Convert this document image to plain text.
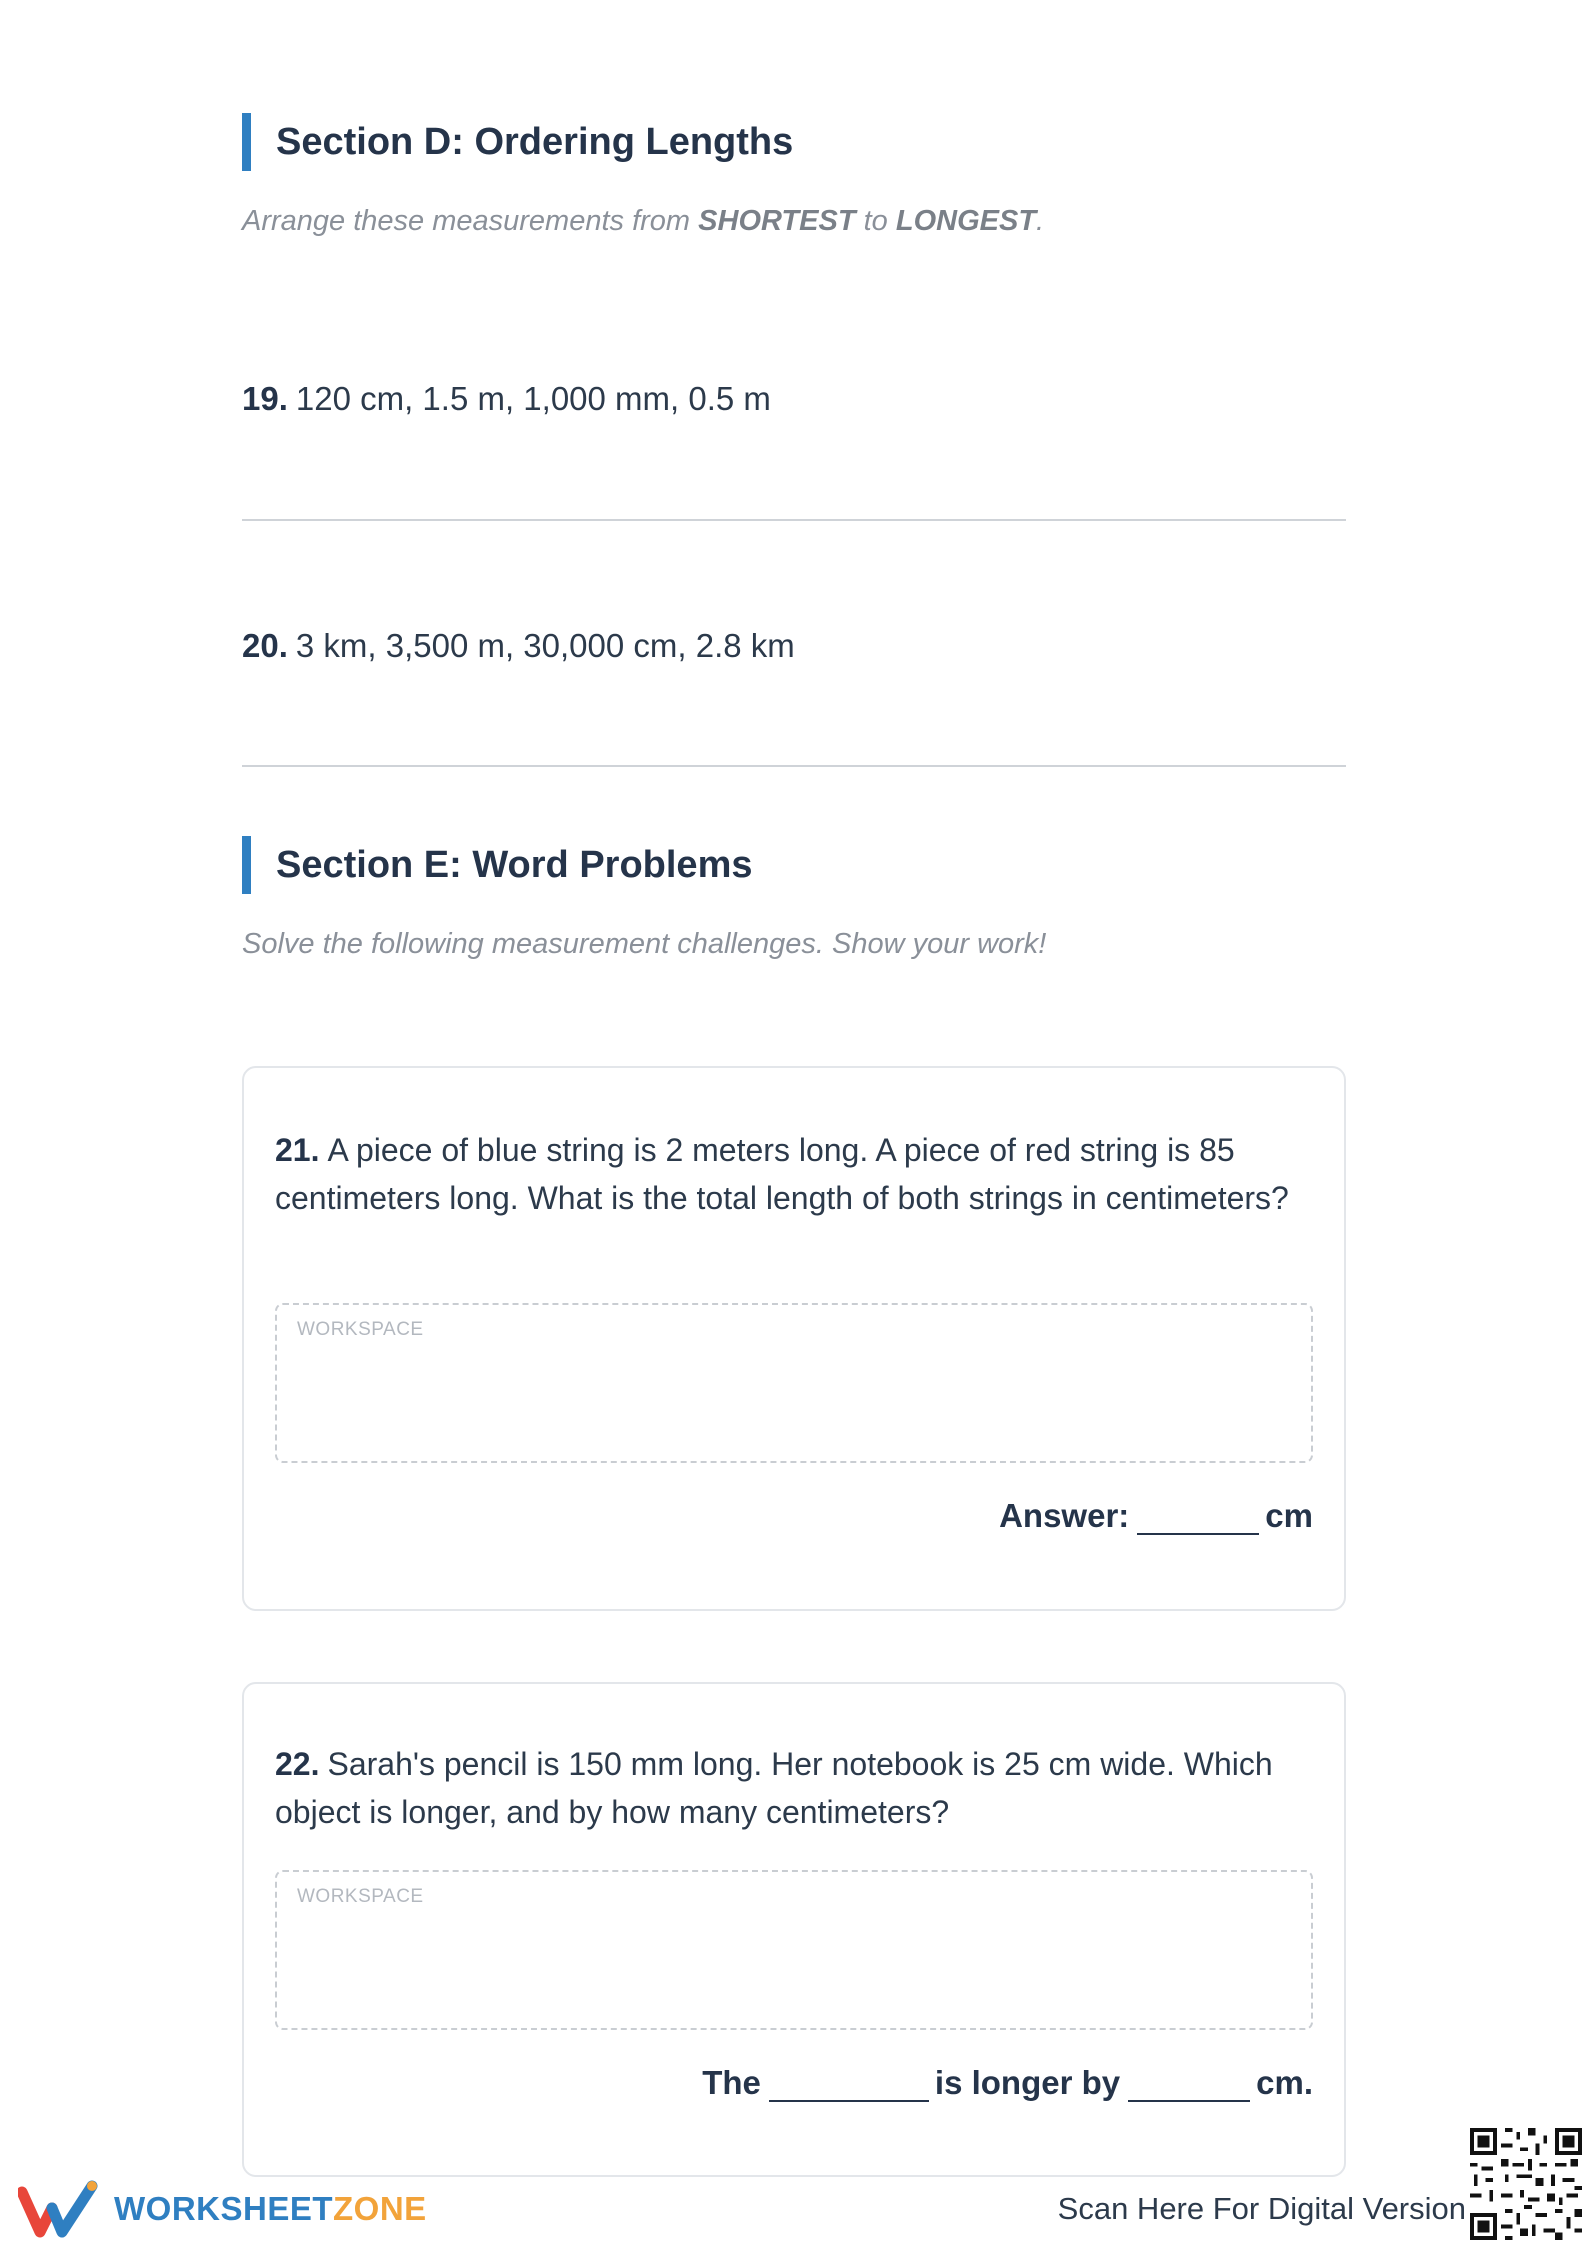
Section D: Ordering Lengths
Arrange these measurements from SHORTEST to LONGEST.
19. 120 cm, 1.5 m, 1,000 mm, 0.5 m
20. 3 km, 3,500 m, 30,000 cm, 2.8 km
Section E: Word Problems
Solve the following measurement challenges. Show your work!
21. A piece of blue string is 2 meters long. A piece of red string is 85 centimeters long. What is the total length of both strings in centimeters?
WORKSPACE
Answer:	cm
22. Sarah's pencil is 150 mm long. Her notebook is 25 cm wide. Which object is longer, and by how many centimeters?
WORKSPACE
The	is longer by	cm.
WORKSHEETZONE	Scan Here For Digital Version
